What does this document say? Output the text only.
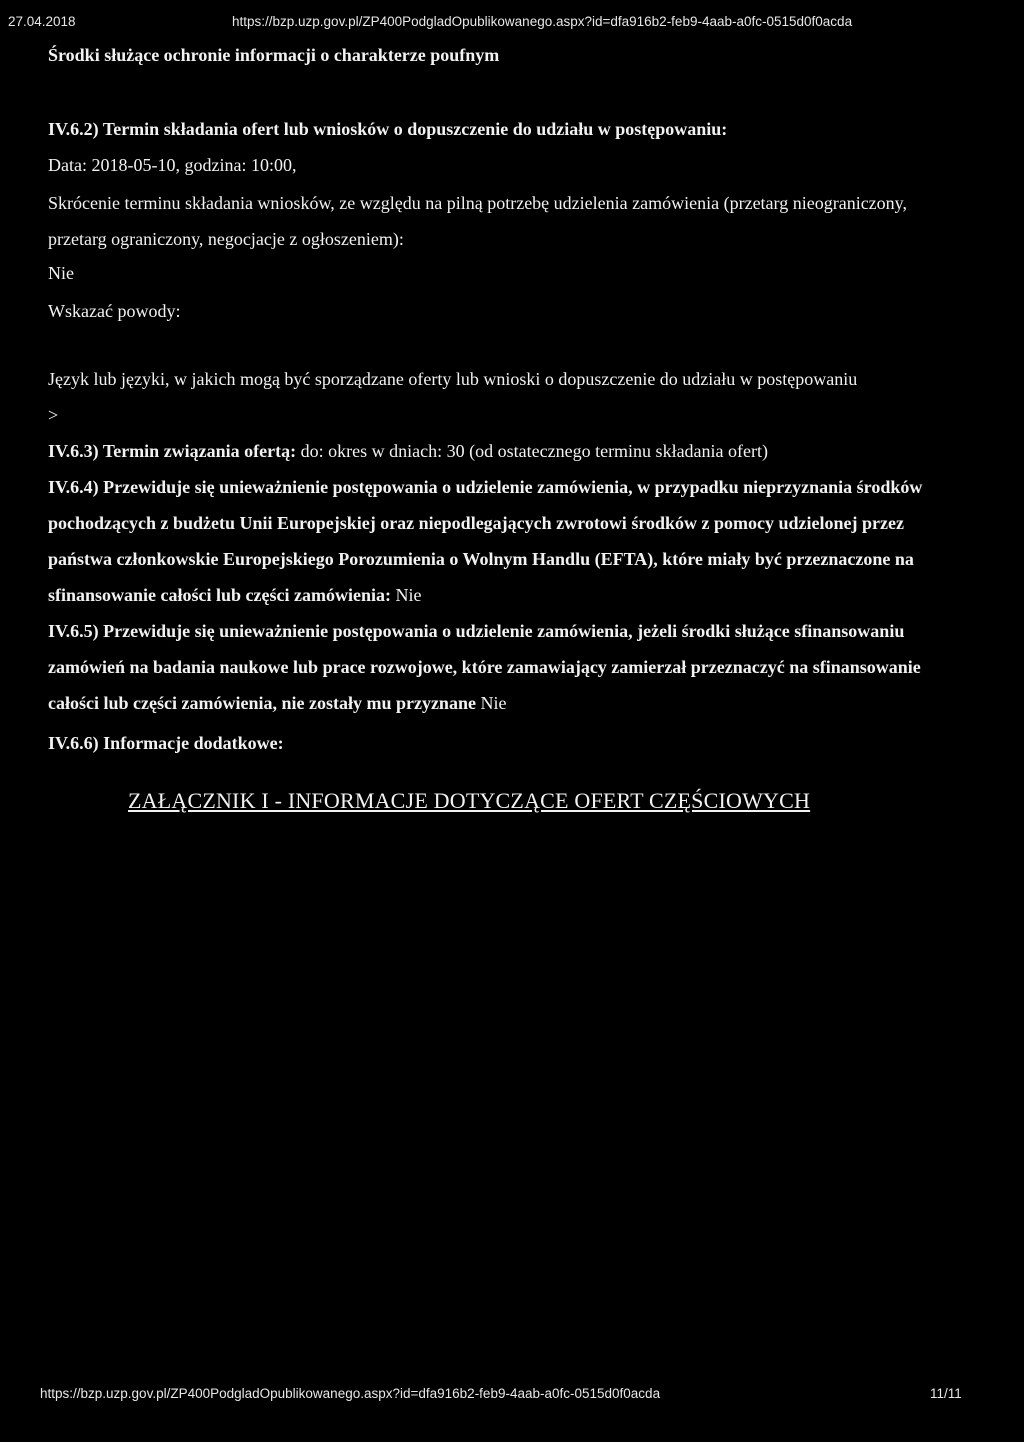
27.04.2018	https://bzp.uzp.gov.pl/ZP400PodgladOpublikowanego.aspx?id=dfa916b2-feb9-4aab-a0fc-0515d0f0acda
Środki służące ochronie informacji o charakterze poufnym
IV.6.2) Termin składania ofert lub wniosków o dopuszczenie do udziału w postępowaniu:
Data: 2018-05-10, godzina: 10:00,
Skrócenie terminu składania wniosków, ze względu na pilną potrzebę udzielenia zamówienia (przetarg nieograniczony,
przetarg ograniczony, negocjacje z ogłoszeniem):
Nie
Wskazać powody:
Język lub języki, w jakich mogą być sporządzane oferty lub wnioski o dopuszczenie do udziału w postępowaniu
>
IV.6.3) Termin związania ofertą: do: okres w dniach: 30 (od ostatecznego terminu składania ofert)
IV.6.4) Przewiduje się unieważnienie postępowania o udzielenie zamówienia, w przypadku nieprzyznania środków
pochodzących z budżetu Unii Europejskiej oraz niepodlegających zwrotowi środków z pomocy udzielonej przez
państwa członkowskie Europejskiego Porozumienia o Wolnym Handlu (EFTA), które miały być przeznaczone na
sfinansowanie całości lub części zamówienia: Nie
IV.6.5) Przewiduje się unieważnienie postępowania o udzielenie zamówienia, jeżeli środki służące sfinansowaniu
zamówień na badania naukowe lub prace rozwojowe, które zamawiający zamierzał przeznaczyć na sfinansowanie
całości lub części zamówienia, nie zostały mu przyznane Nie
IV.6.6) Informacje dodatkowe:
ZAŁĄCZNIK I - INFORMACJE DOTYCZĄCE OFERT CZĘŚCIOWYCH
https://bzp.uzp.gov.pl/ZP400PodgladOpublikowanego.aspx?id=dfa916b2-feb9-4aab-a0fc-0515d0f0acda	11/11
